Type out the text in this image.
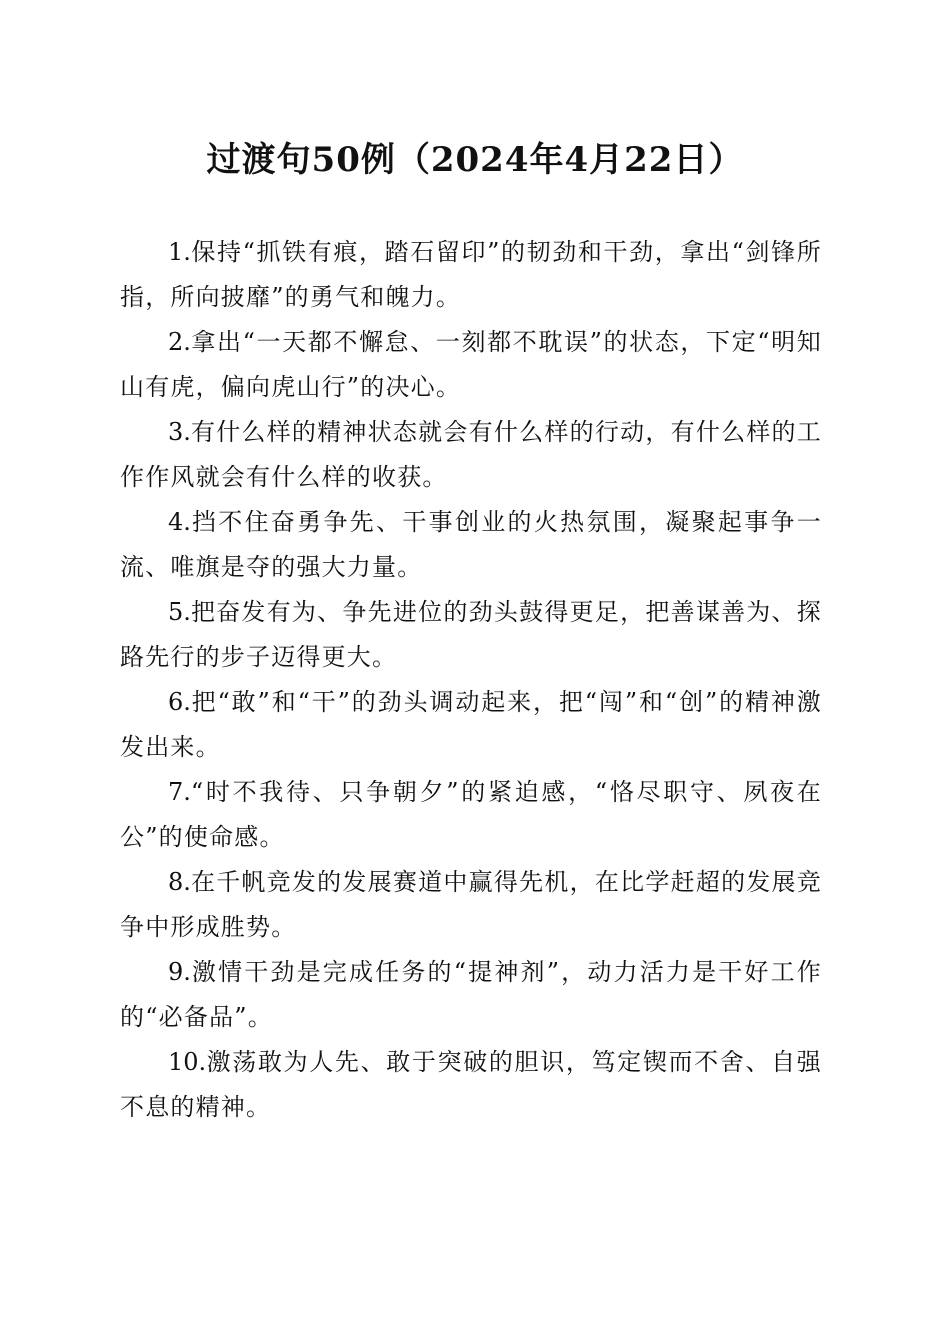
过渡句50例（2024年4月22日）

1.保持“抓铁有痕，踏石留印”的韧劲和干劲，拿出“剑锋所指，所向披靡”的勇气和魄力。

2.拿出“一天都不懈怠、一刻都不耽误”的状态，下定“明知山有虎，偏向虎山行”的决心。

3.有什么样的精神状态就会有什么样的行动，有什么样的工作作风就会有什么样的收获。

4.挡不住奋勇争先、干事创业的火热氛围，凝聚起事争一流、唯旗是夺的强大力量。

5.把奋发有为、争先进位的劲头鼓得更足，把善谋善为、探路先行的步子迈得更大。

6.把“敢”和“干”的劲头调动起来，把“闯”和“创”的精神激发出来。

7.“时不我待、只争朝夕”的紧迫感，“恪尽职守、夙夜在公”的使命感。

8.在千帆竞发的发展赛道中赢得先机，在比学赶超的发展竞争中形成胜势。

9.激情干劲是完成任务的“提神剂”，动力活力是干好工作的“必备品”。

10.激荡敢为人先、敢于突破的胆识，笃定锲而不舍、自强不息的精神。
